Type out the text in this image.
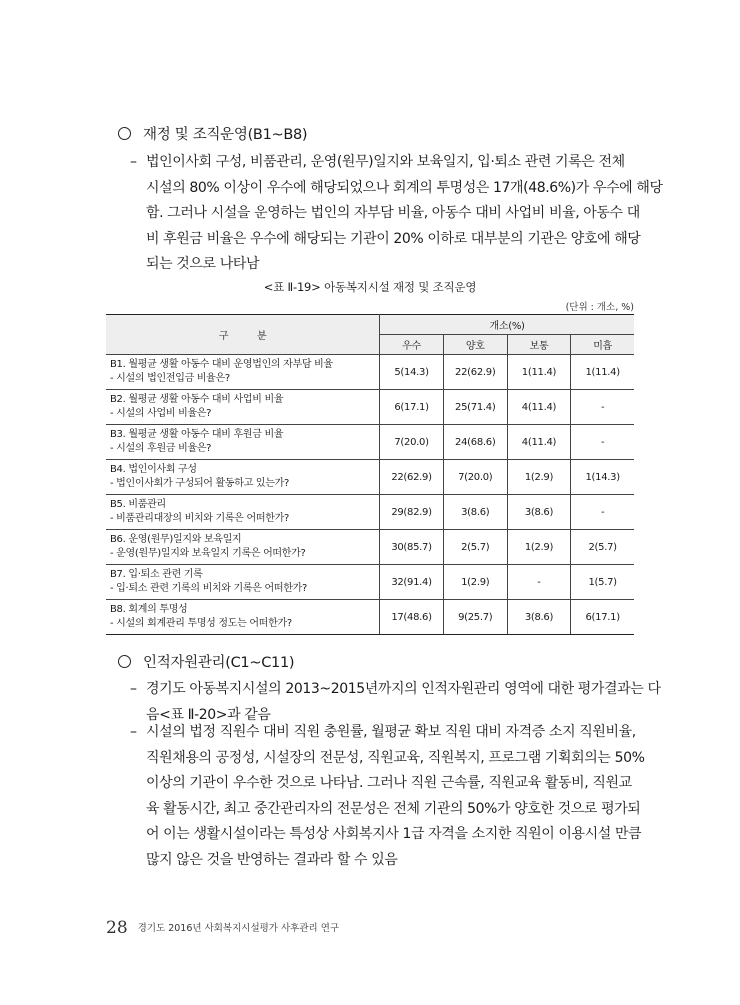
재정 및 조직운영(B1~B8)
– 법인이사회 구성, 비품관리, 운영(원무)일지와 보육일지, 입·퇴소 관련 기록은 전체
시설의 80% 이상이 우수에 해당되었으나 회계의 투명성은 17개(48.6%)가 우수에 해당
함. 그러나 시설을 운영하는 법인의 자부담 비율, 아동수 대비 사업비 비율, 아동수 대
비 후원금 비율은 우수에 해당되는 기관이 20% 이하로 대부분의 기관은 양호에 해당
되는 것으로 나타남
<표 Ⅱ-19> 아동복지시설 재정 및 조직운영
(단위 : 개소, %)
구          분	개소(%)			
	우수	양호	보통	미흡

B1. 월평균 생활 아동수 대비 운영법인의 자부담 비율
- 시설의 법인전입금 비율은?	5(14.3)	22(62.9)	1(11.4)	1(11.4)

B2. 월평균 생활 아동수 대비 사업비 비율
- 시설의 사업비 비율은?	6(17.1)	25(71.4)	4(11.4)	-

B3. 월평균 생활 아동수 대비 후원금 비율
- 시설의 후원금 비율은?	7(20.0)	24(68.6)	4(11.4)	-

B4. 법인이사회 구성
- 법인이사회가 구성되어 활동하고 있는가?	22(62.9)	7(20.0)	1(2.9)	1(14.3)

B5. 비품관리
- 비품관리대장의 비치와 기록은 어떠한가?	29(82.9)	3(8.6)	3(8.6)	-

B6. 운영(원무)일지와 보육일지
- 운영(원무)일지와 보육일지 기록은 어떠한가?	30(85.7)	2(5.7)	1(2.9)	2(5.7)

B7. 입·퇴소 관련 기록
- 입·퇴소 관련 기록의 비치와 기록은 어떠한가?	32(91.4)	1(2.9)	-	1(5.7)

B8. 회계의 투명성
- 시설의 회계관리 투명성 정도는 어떠한가?	17(48.6)	9(25.7)	3(8.6)	6(17.1)
인적자원관리(C1~C11)
– 경기도 아동복지시설의 2013~2015년까지의 인적자원관리 영역에 대한 평가결과는 다
음<표 Ⅱ-20>과 같음
– 시설의 법정 직원수 대비 직원 충원률, 월평균 확보 직원 대비 자격증 소지 직원비율,
직원채용의 공정성, 시설장의 전문성, 직원교육, 직원복지, 프로그램 기획회의는 50%
이상의 기관이 우수한 것으로 나타남. 그러나 직원 근속률, 직원교육 활동비, 직원교
육 활동시간, 최고 중간관리자의 전문성은 전체 기관의 50%가 양호한 것으로 평가되
어 이는 생활시설이라는 특성상 사회복지사 1급 자격을 소지한 직원이 이용시설 만큼
많지 않은 것을 반영하는 결과라 할 수 있음
28 경기도 2016년 사회복지시설평가 사후관리 연구
